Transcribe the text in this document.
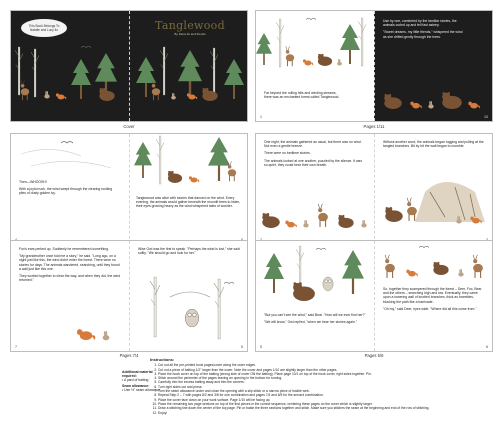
This Book Belongs To
Natalie and Lucy Ilo	Tanglewood
By Dana Ilo and friends
Cover

Far beyond the rolling hills and winding streams, there was an enchanted forest called Tanglewood.

1

Use by one, comforted by the familiar stories, the animals curled up and fell fast asleep.

"Sweet dreams, my little friends," whispered the wind as she drifted gently through the trees.

10
Pages 1/11

Then—WHOOSH!

With a joyful rush, the wind swept through the clearing rustling piles of dusty golden ivy.

Tanglewood was alive with stories that danced on the wind. Every evening, the animals would gather beneath the moonlit trees to listen, their eyes growing heavy as the wind whispered tales of wonder.

One night, the animals gathered as usual, but there was no wind. Not even a gentle breeze.

There were no bedtime stories.

The animals looked at one another, puzzled by the silence. It was so quiet, they could hear their own breath.

Without another word, the animals began tugging and pulling at the tangled branches. Bit by bit the wall began to crumble.

Fox's ears perked up. Suddenly he remembered something.

"My grandmother once told me a story," he said. "Long ago, on a night just like this, the wind didn't enter the forest. There were no stories for days. The animals wandered, searching, until they found a wall just like this one.

They worked together to clear the way, and when they did, the wind returned."

7

Wise Owl was the first to speak. "Perhaps the wind is lost," she said softly. "We should go and look for her."

6
Pages 7/4

"But you can't see the wind," said Bear. "How will we ever find her?"

"We will know," Owl replied, "when we hear her stories again."

5

So, together they scampered through the forest – Deer, Fox, Bear and the others – searching high and low. Eventually, they came upon a towering wall of knotted branches, thick as brambles, blocking the path like a barricade.

"Oh my," said Deer, eyes wide. "Where did all this come from."

6
Pages 5/6
Additional material required:
• A yard of batting
Seam allowance:
• Use ½" seam allowance
Instructions:
1. Cut out all the pre-printed book pages/cover along the outer edges.
2. Cut out a piece of batting 1/2" larger than the cover. Note the cover and pages 1/10 are slightly larger than the other pages.
3. Place the book cover on top of the batting (wrong side of cover ON the batting). Place page 10/1 on top of the book cover, right sides together. Pin.
4. Stitch around the perimeter of the pages leaving an opening in the bottom for turning.
5. Carefully trim the excess batting away and trim the corners.
6. Turn right sides out and press.
7. Turn the seam allowance under and close the opening with a slip stitch or a narrow piece of fusible web.
8. Repeat Step 2 – 7 with pages 8/2 and 3/8 for one combination and pages 7/4 and 6/5 for the second combination.
9. Place the cover face down on your work surface. Page 1/10 will be facing up.
10. Place the remaining two page sections on top of the first pieces in the correct sequence, centering these pages on the cover which is slightly larger.
11. Draw a stitching line down the center of the top page. Pin or baste the three sections together and stitch. Make sure you stitches the seam at the beginning and end of the row of stitching.
12. Enjoy!
